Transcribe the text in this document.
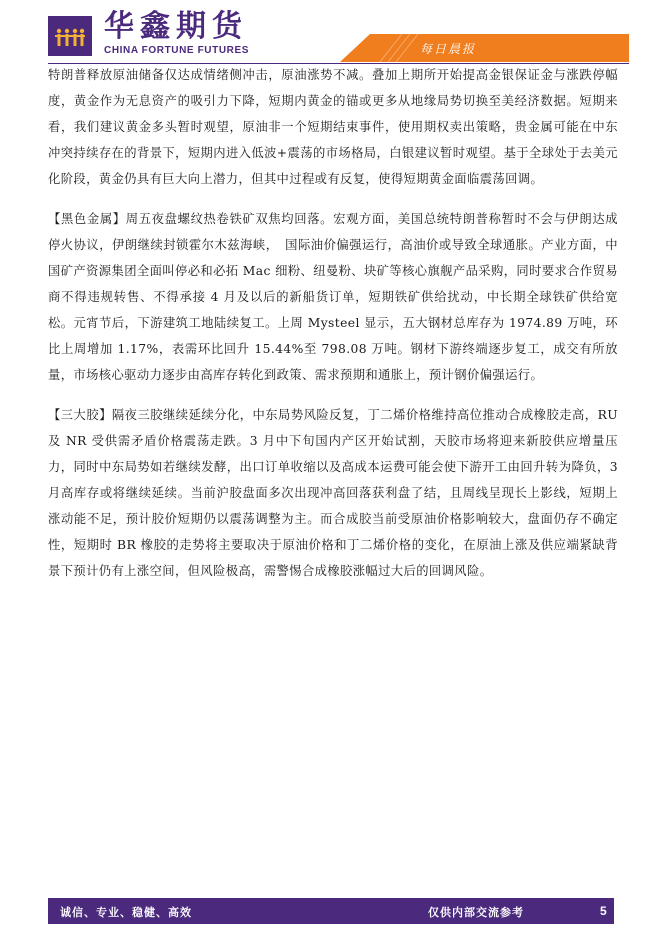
华鑫期货
CHINA FORTUNE FUTURES	每日晨报

特朗普释放原油储备仅达成情绪侧冲击，原油涨势不减。叠加上期所开始提高金银保证金与涨跌停幅度，黄金作为无息资产的吸引力下降，短期内黄金的锚或更多从地缘局势切换至美经济数据。短期来看，我们建议黄金多头暂时观望，原油非一个短期结束事件，使用期权卖出策略，贵金属可能在中东冲突持续存在的背景下，短期内进入低波+震荡的市场格局，白银建议暂时观望。基于全球处于去美元化阶段，黄金仍具有巨大向上潜力，但其中过程或有反复，使得短期黄金面临震荡回调。

【黑色金属】周五夜盘螺纹热卷铁矿双焦均回落。宏观方面，美国总统特朗普称暂时不会与伊朗达成停火协议，伊朗继续封锁霍尔木兹海峡，　国际油价偏强运行，高油价或导致全球通胀。产业方面，中国矿产资源集团全面叫停必和必拓 Mac 细粉、纽曼粉、块矿等核心旗舰产品采购，同时要求合作贸易商不得违规转售、不得承接 4 月及以后的新船货订单，短期铁矿供给扰动，中长期全球铁矿供给宽松。元宵节后，下游建筑工地陆续复工。上周 Mysteel 显示，五大钢材总库存为 1974.89 万吨，环比上周增加 1.17%，表需环比回升 15.44%至 798.08 万吨。钢材下游终端逐步复工，成交有所放量，市场核心驱动力逐步由高库存转化到政策、需求预期和通胀上，预计钢价偏强运行。

【三大胶】隔夜三胶继续延续分化，中东局势风险反复，丁二烯价格维持高位推动合成橡胶走高，RU 及 NR 受供需矛盾价格震荡走跌。3 月中下旬国内产区开始试割，天胶市场将迎来新胶供应增量压力，同时中东局势如若继续发酵，出口订单收缩以及高成本运费可能会使下游开工由回升转为降负，3 月高库存或将继续延续。当前沪胶盘面多次出现冲高回落获利盘了结，且周线呈现长上影线，短期上涨动能不足，预计胶价短期仍以震荡调整为主。而合成胶当前受原油价格影响较大，盘面仍存不确定性，短期时 BR 橡胶的走势将主要取决于原油价格和丁二烯价格的变化，在原油上涨及供应端紧缺背景下预计仍有上涨空间，但风险极高，需警惕合成橡胶涨幅过大后的回调风险。

诚信、专业、稳健、高效	仅供内部交流参考	5
